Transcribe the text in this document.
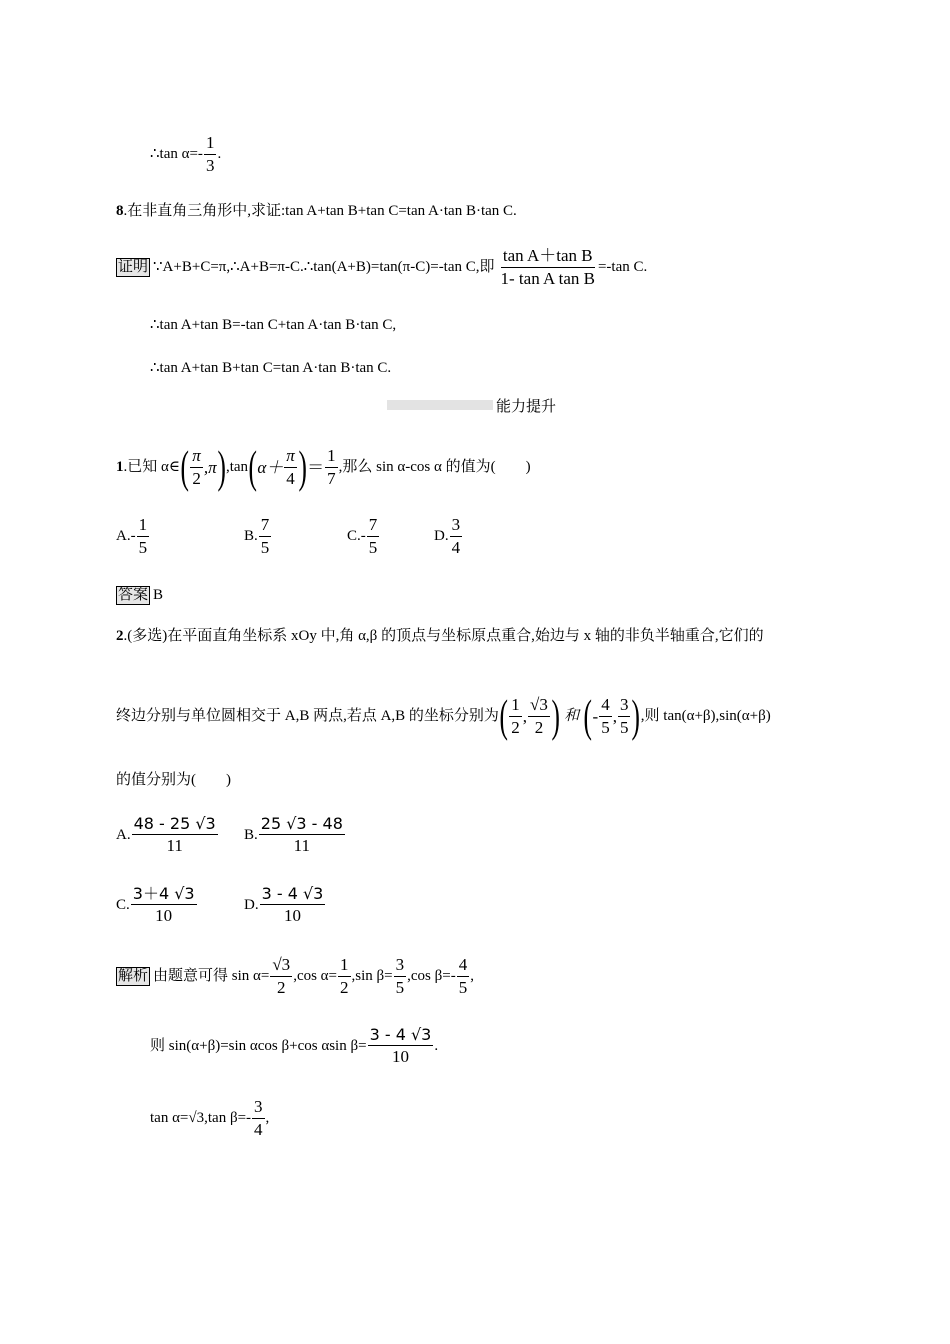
∴tan $\alpha=- \frac{1}{3}$ .
8 .在非直角三角形中,求证:tan A+tan B+tan C=tan A·tan B·tan C.
证明 ∵A+B+C=π,∴A+B=π-C.∴tan(A+B)=tan(π-C)=-tan C,即 $\frac{\text{tan A＋tan B}}{\text{1- tan A tan B}} =-\tan$ C.
∴tan A+tan B=-tan C+tan A·tan B·tan C,
∴tan A+tan B+tan C=tan A·tan B·tan C.
能力提升
1 .已知 α∈ ( $\frac{\pi}{2} ,\pi$ ) ,tan ( $\alpha+ \frac{\pi}{4}$ ) ＝ $\frac{1}{7}$ ,那么 sin α-cos α 的值为(　　)
$A.- \frac{1}{5}$	B. $\frac{7}{5}$	$C.- \frac{7}{5}$	D. $\frac{3}{4}$
答案 B
2 .(多选)在平面直角坐标系 xOy 中,角 α,β 的顶点与坐标原点重合,始边与 x 轴的非负半轴重合,它们的
终边分别与单位圆相交于 A,B 两点,若点 A,B 的坐标分别为 ( $\frac{1}{2}$ , $\frac{√3}{2}$ ) 和 ( - $\frac{4}{5}$ , $\frac{3}{5}$ ) ,则 tan(α+β),sin(α+β)
的值分别为(　　)
A. $\frac{48 - 25 √3}{11} B$. $\frac{25 √3 - 48}{11}$
C. $\frac{3+4 √3}{10}$	D. $\frac{3 - 4 √3}{10}$
解析 由题意可得 $\sin \alpha= \frac{√3}{2} ,\cos$ $\alpha= \frac{1}{2} ,\sin$ $\beta= \frac{3}{5} ,\cos$ $\beta=- \frac{4}{5}$ ,
则 sin(α+β)=sin αcos β+cos αsin $\beta= \frac{3 - 4 √3}{10}$ .
tan α=√3,tan $\beta=- \frac{3}{4}$ ,
